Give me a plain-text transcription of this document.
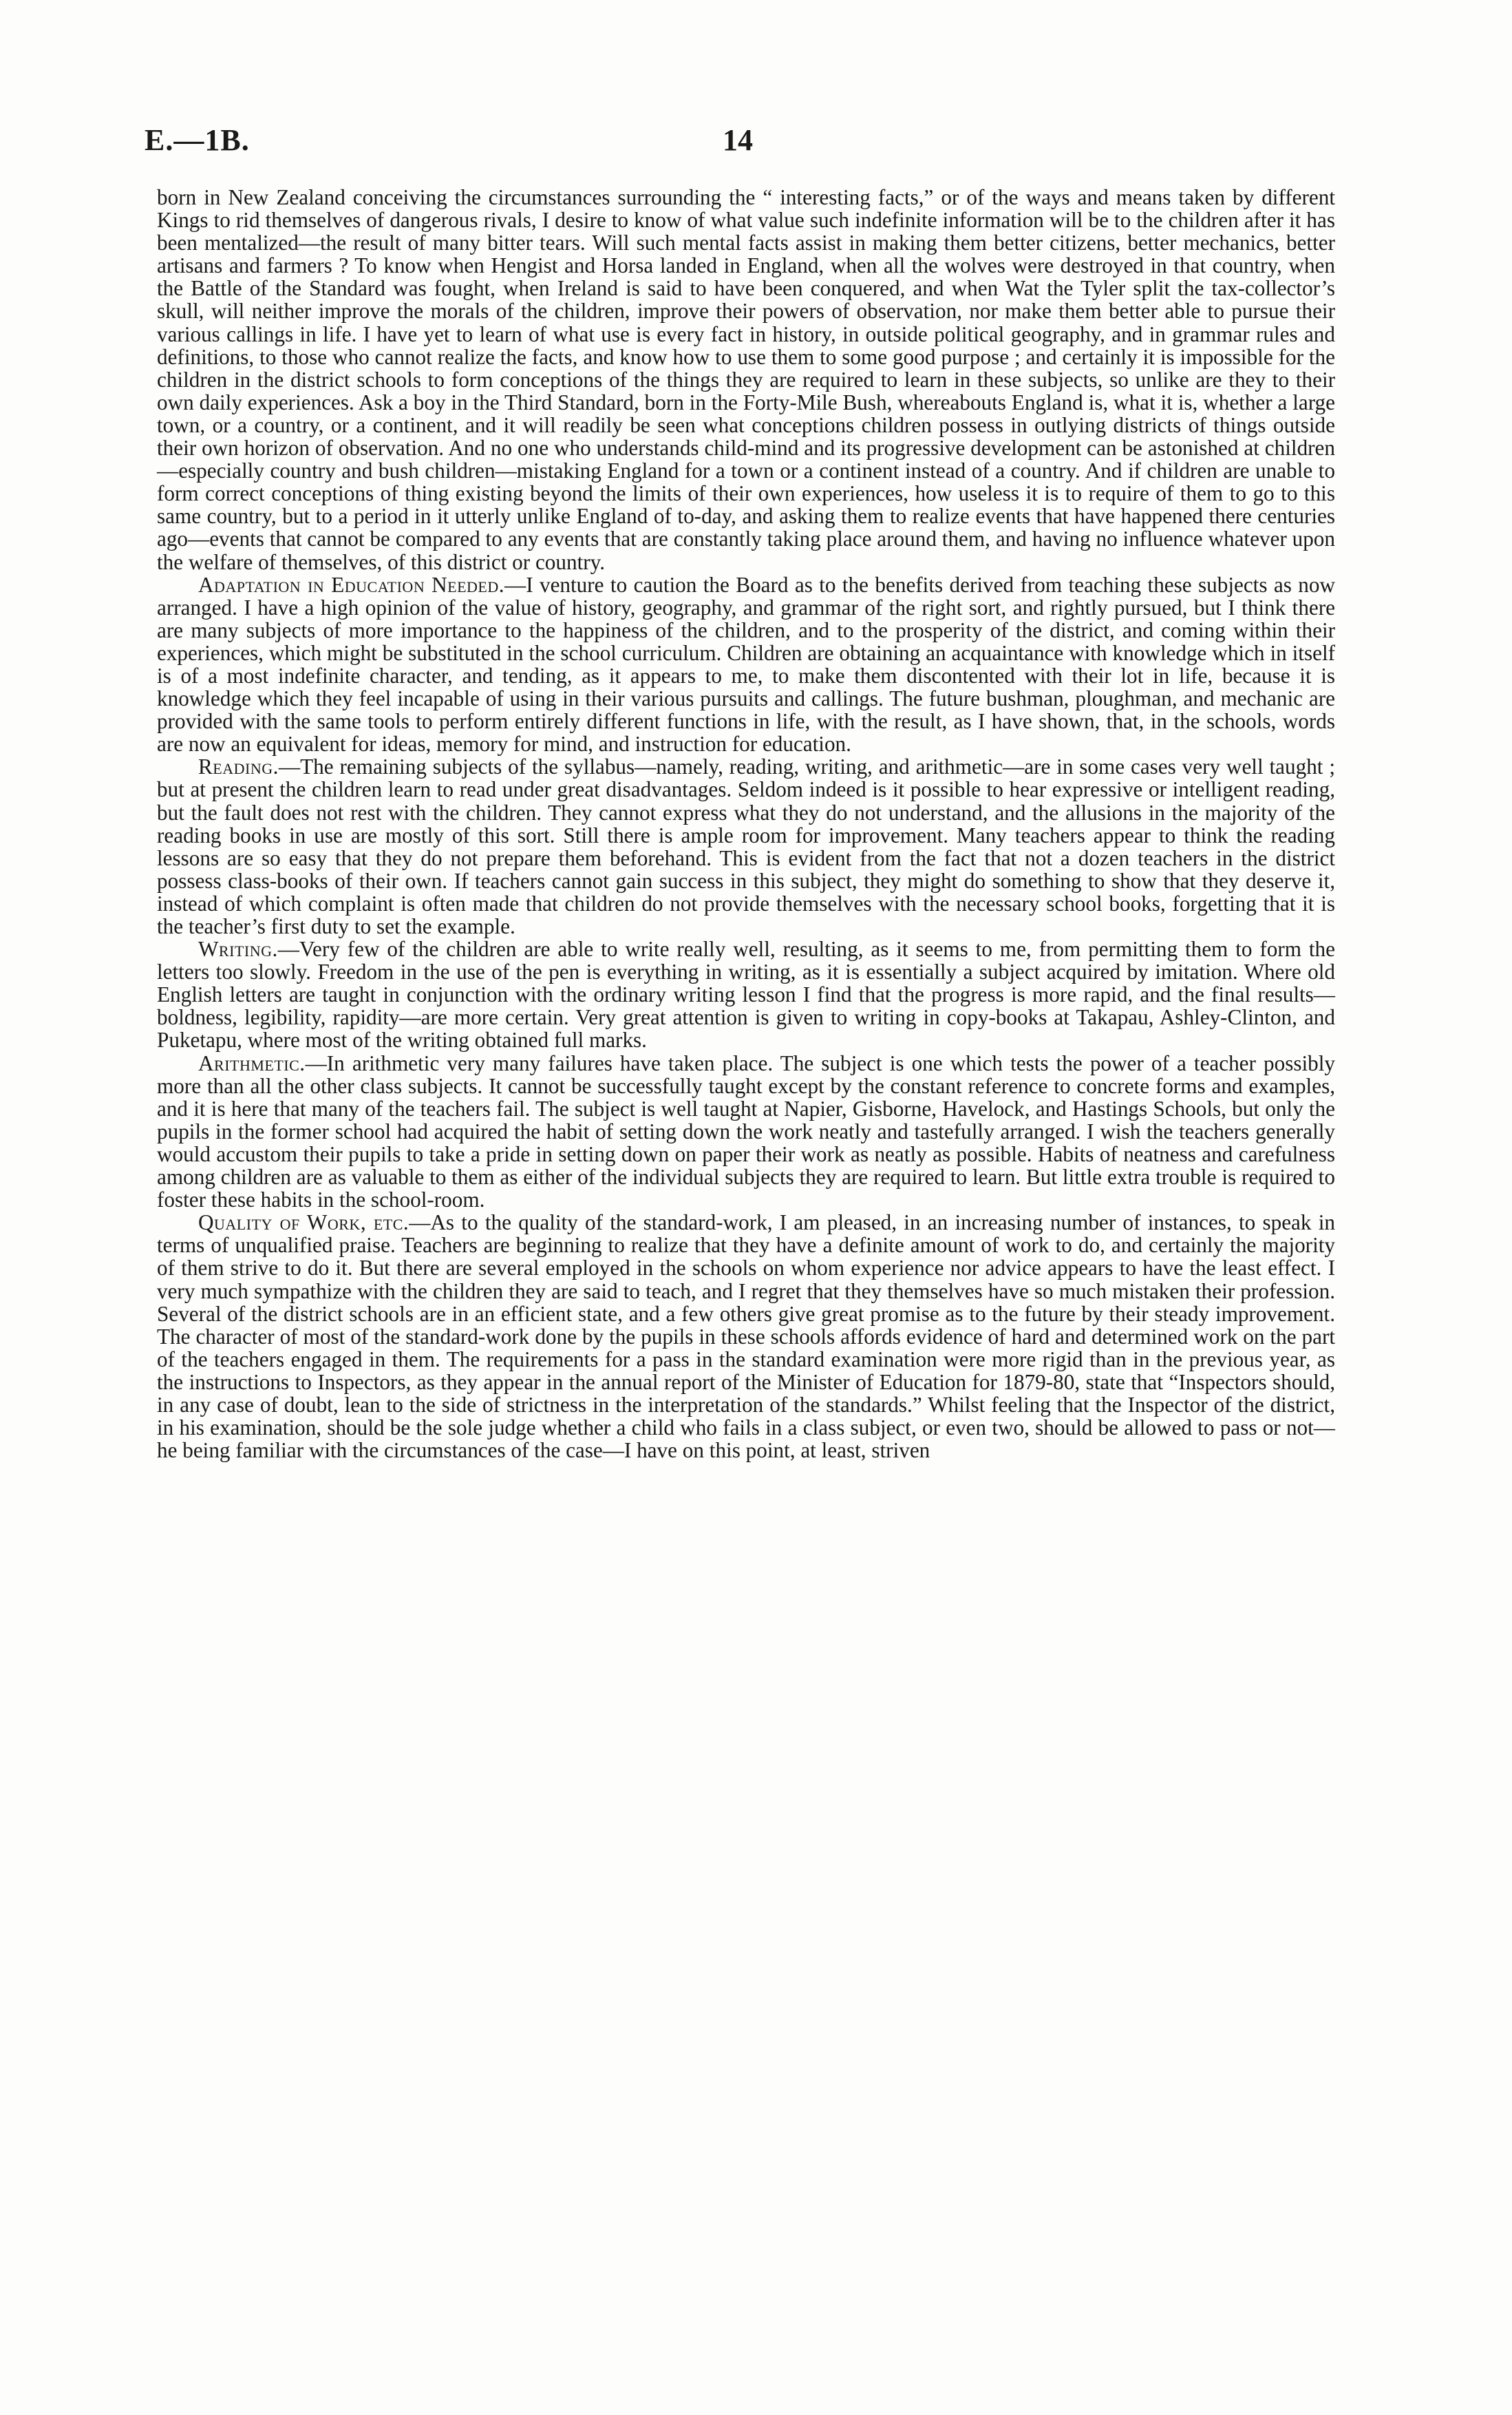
E.—1B.	14

born in New Zealand conceiving the circumstances surrounding the “ interesting facts,” or of the ways and means taken by different Kings to rid themselves of dangerous rivals, I desire to know of what value such indefinite information will be to the children after it has been mentalized—the result of many bitter tears. Will such mental facts assist in making them better citizens, better mechanics, better artisans and farmers ? To know when Hengist and Horsa landed in England, when all the wolves were destroyed in that country, when the Battle of the Standard was fought, when Ireland is said to have been conquered, and when Wat the Tyler split the tax-collector’s skull, will neither improve the morals of the children, improve their powers of observation, nor make them better able to pursue their various callings in life. I have yet to learn of what use is every fact in history, in outside political geography, and in grammar rules and definitions, to those who cannot realize the facts, and know how to use them to some good purpose ; and certainly it is impossible for the children in the district schools to form conceptions of the things they are required to learn in these subjects, so unlike are they to their own daily experiences. Ask a boy in the Third Standard, born in the Forty-Mile Bush, whereabouts England is, what it is, whether a large town, or a country, or a continent, and it will readily be seen what conceptions children possess in outlying districts of things outside their own horizon of observation. And no one who understands child-mind and its progressive development can be astonished at children—especially country and bush children—mistaking England for a town or a continent instead of a country. And if children are unable to form correct conceptions of thing existing beyond the limits of their own experiences, how useless it is to require of them to go to this same country, but to a period in it utterly unlike England of to-day, and asking them to realize events that have happened there centuries ago—events that cannot be compared to any events that are constantly taking place around them, and having no influence whatever upon the welfare of themselves, of this district or country.

Adaptation in Education Needed.—I venture to caution the Board as to the benefits derived from teaching these subjects as now arranged. I have a high opinion of the value of history, geography, and grammar of the right sort, and rightly pursued, but I think there are many subjects of more importance to the happiness of the children, and to the prosperity of the district, and coming within their experiences, which might be substituted in the school curriculum. Children are obtaining an acquaintance with knowledge which in itself is of a most indefinite character, and tending, as it appears to me, to make them discontented with their lot in life, because it is knowledge which they feel incapable of using in their various pursuits and callings. The future bushman, ploughman, and mechanic are provided with the same tools to perform entirely different functions in life, with the result, as I have shown, that, in the schools, words are now an equivalent for ideas, memory for mind, and instruction for education.

Reading.—The remaining subjects of the syllabus—namely, reading, writing, and arithmetic—are in some cases very well taught ; but at present the children learn to read under great disadvantages. Seldom indeed is it possible to hear expressive or intelligent reading, but the fault does not rest with the children. They cannot express what they do not understand, and the allusions in the majority of the reading books in use are mostly of this sort. Still there is ample room for improvement. Many teachers appear to think the reading lessons are so easy that they do not prepare them beforehand. This is evident from the fact that not a dozen teachers in the district possess class-books of their own. If teachers cannot gain success in this subject, they might do something to show that they deserve it, instead of which complaint is often made that children do not provide themselves with the necessary school books, forgetting that it is the teacher’s first duty to set the example.

Writing.—Very few of the children are able to write really well, resulting, as it seems to me, from permitting them to form the letters too slowly. Freedom in the use of the pen is everything in writing, as it is essentially a subject acquired by imitation. Where old English letters are taught in conjunction with the ordinary writing lesson I find that the progress is more rapid, and the final results—boldness, legibility, rapidity—are more certain. Very great attention is given to writing in copy-books at Takapau, Ashley-Clinton, and Puketapu, where most of the writing obtained full marks.

Arithmetic.—In arithmetic very many failures have taken place. The subject is one which tests the power of a teacher possibly more than all the other class subjects. It cannot be successfully taught except by the constant reference to concrete forms and examples, and it is here that many of the teachers fail. The subject is well taught at Napier, Gisborne, Havelock, and Hastings Schools, but only the pupils in the former school had acquired the habit of setting down the work neatly and tastefully arranged. I wish the teachers generally would accustom their pupils to take a pride in setting down on paper their work as neatly as possible. Habits of neatness and carefulness among children are as valuable to them as either of the individual subjects they are required to learn. But little extra trouble is required to foster these habits in the school-room.

Quality of Work, etc.—As to the quality of the standard-work, I am pleased, in an increasing number of instances, to speak in terms of unqualified praise. Teachers are beginning to realize that they have a definite amount of work to do, and certainly the majority of them strive to do it. But there are several employed in the schools on whom experience nor advice appears to have the least effect. I very much sympathize with the children they are said to teach, and I regret that they themselves have so much mistaken their profession. Several of the district schools are in an efficient state, and a few others give great promise as to the future by their steady improvement. The character of most of the standard-work done by the pupils in these schools affords evidence of hard and determined work on the part of the teachers engaged in them. The requirements for a pass in the standard examination were more rigid than in the previous year, as the instructions to Inspectors, as they appear in the annual report of the Minister of Education for 1879-80, state that “Inspectors should, in any case of doubt, lean to the side of strictness in the interpretation of the standards.” Whilst feeling that the Inspector of the district, in his examination, should be the sole judge whether a child who fails in a class subject, or even two, should be allowed to pass or not—he being familiar with the circumstances of the case—I have on this point, at least, striven
